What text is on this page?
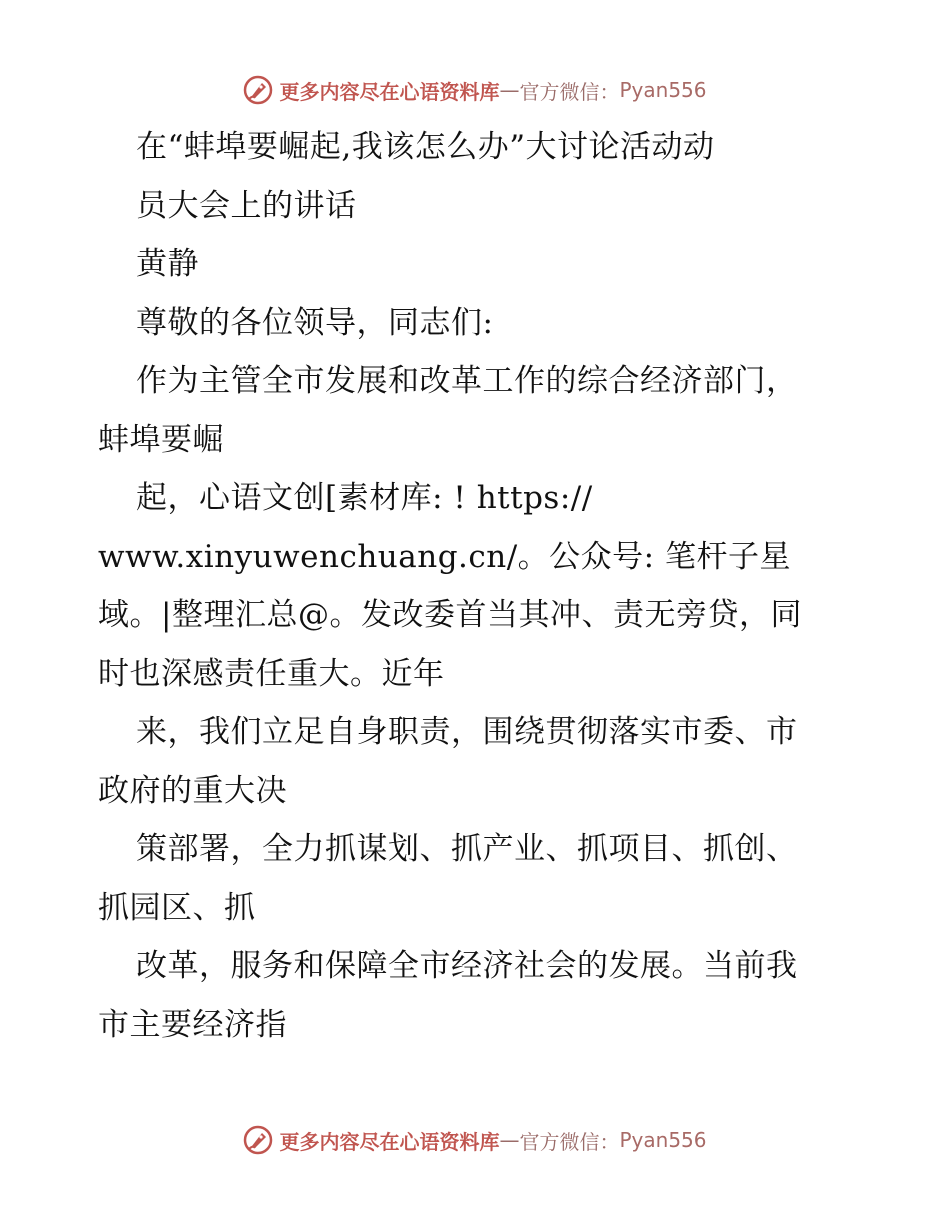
更多内容尽在心语资料库 — 官方微信： Pyan556
在“蚌埠要崛起,我该怎么办”大讨论活动动
员大会上的讲话
黄静
尊敬的各位领导，同志们:
作为主管全市发展和改革工作的综合经济部门，
蚌埠要崛
起，心语文创[素材库: ! https://
www.xinyuwenchuang.cn/。公众号: 笔杆子星
域。|整理汇总@。发改委首当其冲、责无旁贷，同
时也深感责任重大。近年
来，我们立足自身职责，围绕贯彻落实市委、市
政府的重大决
策部署，全力抓谋划、抓产业、抓项目、抓创、
抓园区、抓
改革，服务和保障全市经济社会的发展。当前我
市主要经济指
更多内容尽在心语资料库 — 官方微信： Pyan556
